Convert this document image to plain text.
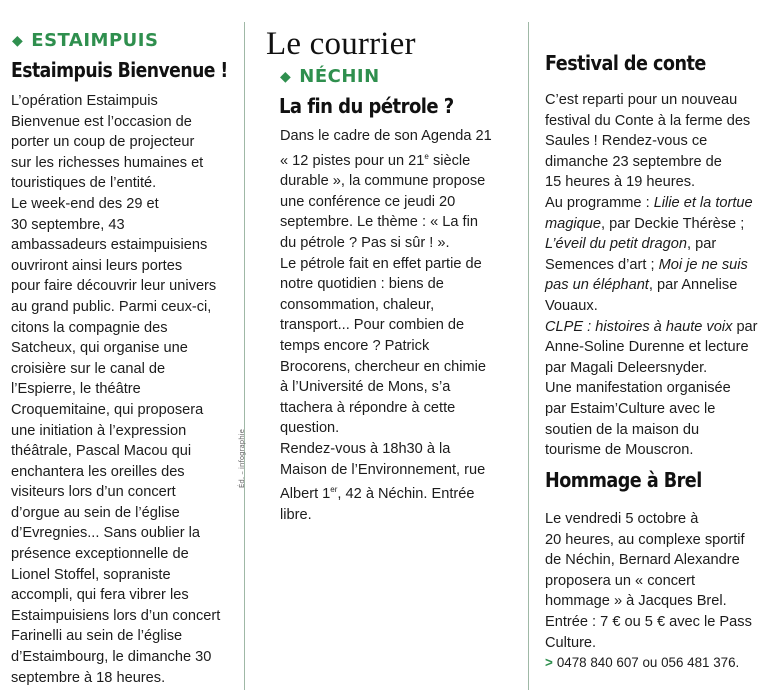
◆ ESTAIMPUIS
Estaimpuis Bienvenue !
L’opération Estaimpuis
Bienvenue est l’occasion de
porter un coup de projecteur
sur les richesses humaines et
touristiques de l’entité.
Le week-end des 29 et
30 septembre, 43
ambassadeurs estaimpuisiens
ouvriront ainsi leurs portes
pour faire découvrir leur univers
au grand public. Parmi ceux-ci,
citons la compagnie des
Satcheux, qui organise une
croisière sur le canal de
l’Espierre, le théâtre
Croquemitaine, qui proposera
une initiation à l’expression
théâtrale, Pascal Macou qui
enchantera les oreilles des
visiteurs lors d’un concert
d’orgue au sein de l’église
d’Evregnies... Sans oublier la
présence exceptionnelle de
Lionel Stoffel, sopraniste
accompli, qui fera vibrer les
Estaimpuisiens lors d’un concert
Farinelli au sein de l’église
d’Estaimbourg, le dimanche 30
septembre à 18 heures.
Le courrier
Éd. – infographie
◆ NÉCHIN
La fin du pétrole ?
Dans le cadre de son Agenda 21
« 12 pistes pour un 21e siècle
durable », la commune propose
une conférence ce jeudi 20
septembre. Le thème : « La fin
du pétrole ? Pas si sûr ! ».
Le pétrole fait en effet partie de
notre quotidien : biens de
consommation, chaleur,
transport... Pour combien de
temps encore ? Patrick
Brocorens, chercheur en chimie
à l’Université de Mons, s’a
ttachera à répondre à cette
question.
Rendez-vous à 18h30 à la
Maison de l’Environnement, rue
Albert 1er, 42 à Néchin. Entrée
libre.
Festival de conte
C’est reparti pour un nouveau
festival du Conte à la ferme des
Saules ! Rendez-vous ce
dimanche 23 septembre de
15 heures à 19 heures.
Au programme : Lilie et la tortue
magique, par Deckie Thérèse ;
L’éveil du petit dragon, par
Semences d’art ; Moi je ne suis
pas un éléphant, par Annelise
Vouaux.
CLPE : histoires à haute voix par
Anne-Soline Durenne et lecture
par Magali Deleersnyder.
Une manifestation organisée
par Estaim’Culture avec le
soutien de la maison du
tourisme de Mouscron.
Hommage à Brel
Le vendredi 5 octobre à
20 heures, au complexe sportif
de Néchin, Bernard Alexandre
proposera un « concert
hommage » à Jacques Brel.
Entrée : 7 € ou 5 € avec le Pass
Culture.
> 0478 840 607 ou 056 481 376.
